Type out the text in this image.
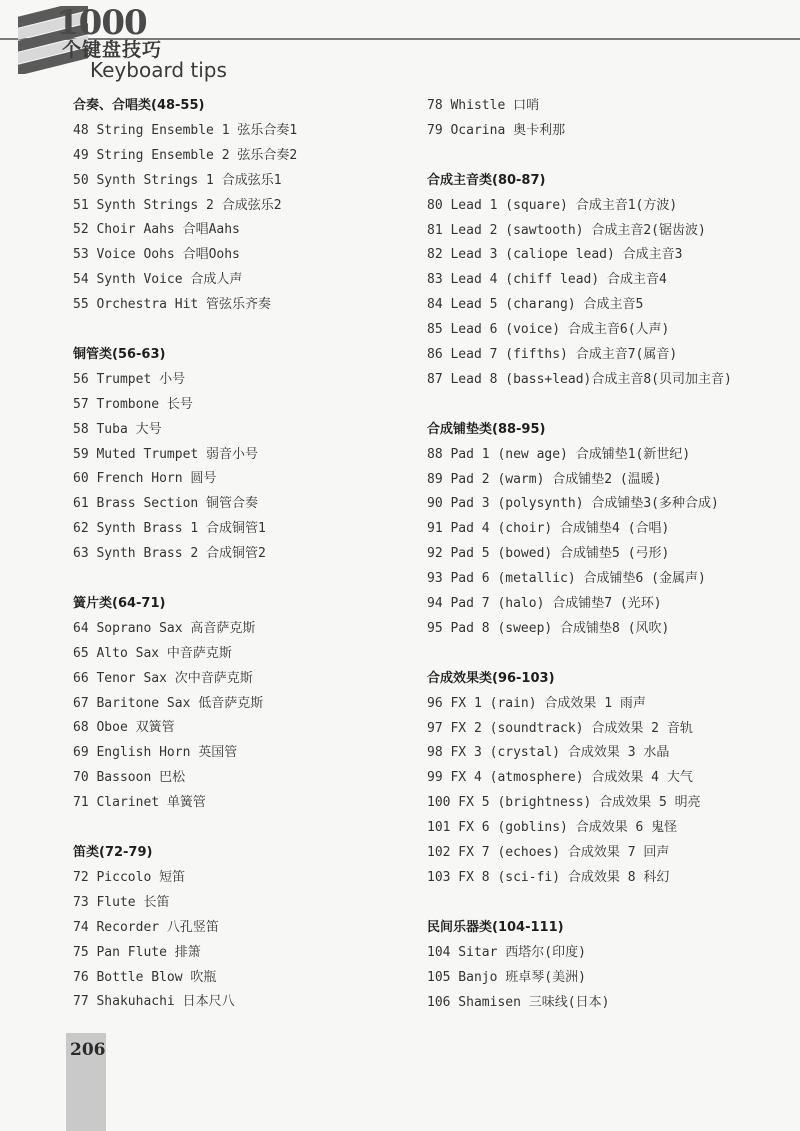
1000
个键盘技巧
Keyboard tips
合奏、合唱类(48-55)
48 String Ensemble 1 弦乐合奏1
49 String Ensemble 2 弦乐合奏2
50 Synth Strings 1 合成弦乐1
51 Synth Strings 2 合成弦乐2
52 Choir Aahs 合唱Aahs
53 Voice Oohs 合唱Oohs
54 Synth Voice 合成人声
55 Orchestra Hit 管弦乐齐奏
铜管类(56-63)
56 Trumpet 小号
57 Trombone 长号
58 Tuba 大号
59 Muted Trumpet 弱音小号
60 French Horn 圆号
61 Brass Section 铜管合奏
62 Synth Brass 1 合成铜管1
63 Synth Brass 2 合成铜管2
簧片类(64-71)
64 Soprano Sax 高音萨克斯
65 Alto Sax 中音萨克斯
66 Tenor Sax 次中音萨克斯
67 Baritone Sax 低音萨克斯
68 Oboe 双簧管
69 English Horn 英国管
70 Bassoon 巴松
71 Clarinet 单簧管
笛类(72-79)
72 Piccolo 短笛
73 Flute 长笛
74 Recorder 八孔竖笛
75 Pan Flute 排箫
76 Bottle Blow 吹瓶
77 Shakuhachi 日本尺八
78 Whistle 口哨
79 Ocarina 奥卡利那
合成主音类(80-87)
80 Lead 1 (square) 合成主音1(方波)
81 Lead 2 (sawtooth) 合成主音2(锯齿波)
82 Lead 3 (caliope lead) 合成主音3
83 Lead 4 (chiff lead) 合成主音4
84 Lead 5 (charang) 合成主音5
85 Lead 6 (voice) 合成主音6(人声)
86 Lead 7 (fifths) 合成主音7(属音)
87 Lead 8 (bass+lead)合成主音8(贝司加主音)
合成铺垫类(88-95)
88 Pad 1 (new age) 合成铺垫1(新世纪)
89 Pad 2 (warm) 合成铺垫2 (温暖)
90 Pad 3 (polysynth) 合成铺垫3(多种合成)
91 Pad 4 (choir) 合成铺垫4 (合唱)
92 Pad 5 (bowed) 合成铺垫5 (弓形)
93 Pad 6 (metallic) 合成铺垫6 (金属声)
94 Pad 7 (halo) 合成铺垫7 (光环)
95 Pad 8 (sweep) 合成铺垫8 (风吹)
合成效果类(96-103)
96 FX 1 (rain) 合成效果 1 雨声
97 FX 2 (soundtrack) 合成效果 2 音轨
98 FX 3 (crystal) 合成效果 3 水晶
99 FX 4 (atmosphere) 合成效果 4 大气
100 FX 5 (brightness) 合成效果 5 明亮
101 FX 6 (goblins) 合成效果 6 鬼怪
102 FX 7 (echoes) 合成效果 7 回声
103 FX 8 (sci-fi) 合成效果 8 科幻
民间乐器类(104-111)
104 Sitar 西塔尔(印度)
105 Banjo 班卓琴(美洲)
106 Shamisen 三味线(日本)
206
